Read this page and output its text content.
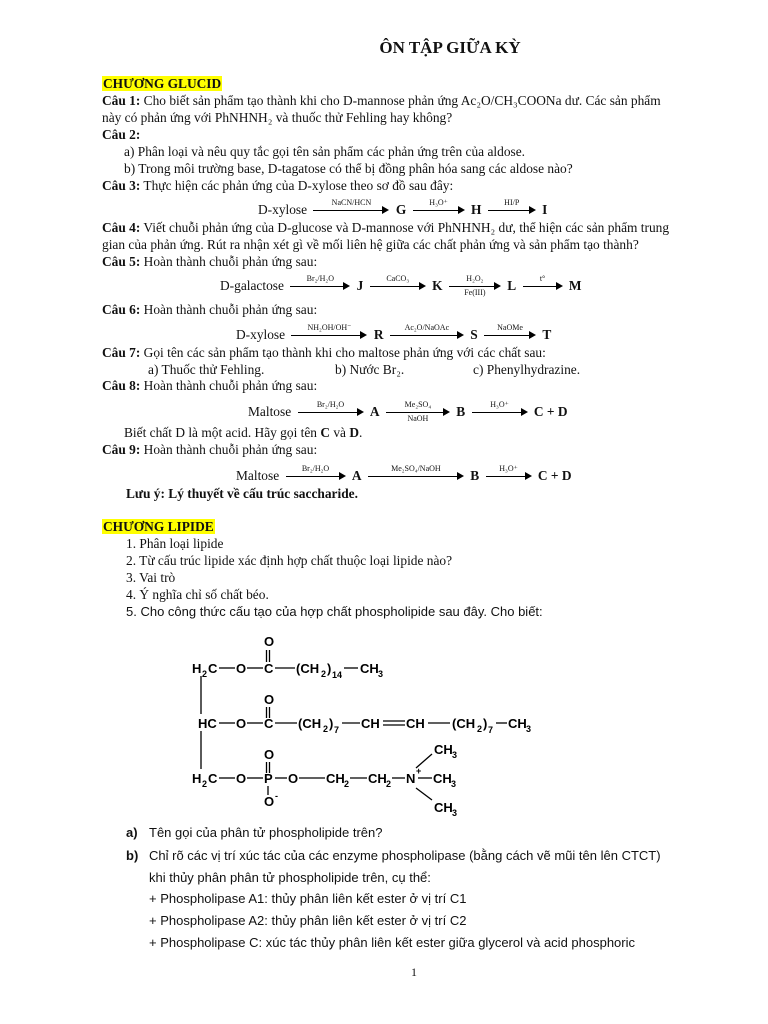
ÔN TẬP GIỮA KỲ
CHƯƠNG GLUCID
Câu 1: Cho biết sản phẩm tạo thành khi cho D-mannose phản ứng Ac₂O/CH₃COONa dư. Các sản phẩm
này có phản ứng với PhNHNH₂ và thuốc thử Fehling hay không?
Câu 2:
a) Phân loại và nêu quy tắc gọi tên sản phẩm các phản ứng trên của aldose.
b) Trong môi trường base, D-tagatose có thể bị đồng phân hóa sang các aldose nào?
Câu 3: Thực hiện các phản ứng của D-xylose theo sơ đồ sau đây:
D-xylose	NaCN/HCN	G	H₃O⁺	H	HI/P	I
Câu 4: Viết chuỗi phản ứng của D-glucose và D-mannose với PhNHNH₂ dư, thể hiện các sản phẩm trung
gian của phản ứng. Rút ra nhận xét gì về mối liên hệ giữa các chất phản ứng và sản phẩm tạo thành?
Câu 5: Hoàn thành chuỗi phản ứng sau:
D-galactose	Br₂/H₂O	J	CaCO₃	K	H₂O₂
Fe(III)	L	t°	M
Câu 6: Hoàn thành chuỗi phản ứng sau:
D-xylose	NH₂OH/OH⁻	R	Ac₂O/NaOAc	S	NaOMe	T
Câu 7: Gọi tên các sản phẩm tạo thành khi cho maltose phản ứng với các chất sau:
a) Thuốc thử Fehling.	b) Nước Br₂.	c) Phenylhydrazine.
Câu 8: Hoàn thành chuỗi phản ứng sau:
Maltose	Br₂/H₂O	A	Me₂SO₄
NaOH	B	H₃O⁺	C + D
Biết chất D là một acid. Hãy gọi tên C và D.
Câu 9: Hoàn thành chuỗi phản ứng sau:
Maltose	Br₂/H₂O	A	Me₂SO₄/NaOH	B	H₃O⁺	C + D
Lưu ý: Lý thuyết về cấu trúc saccharide.
CHƯƠNG LIPIDE
1. Phân loại lipide
2. Từ cấu trúc lipide xác định hợp chất thuộc loại lipide nào?
3. Vai trò
4. Ý nghĩa chỉ số chất béo.
5. Cho công thức cấu tạo của hợp chất phospholipide sau đây. Cho biết:
O
H 2 C O C (CH 2 ) 14 CH 3
O
HC O C (CH 2 ) 7 CH CH (CH 2 ) 7 CH 3
O
H 2 C O P O CH 2 CH 2 N + CH 3
O -
CH 3
CH 3
a) Tên gọi của phân tử phospholipide trên?
b) Chỉ rõ các vị trí xúc tác của các enzyme phospholipase (bằng cách vẽ mũi tên lên CTCT)
khi thủy phân phân tử phospholipide trên, cụ thể:
+ Phospholipase A1: thủy phân liên kết ester ở vị trí C1
+ Phospholipase A2: thủy phân liên kết ester ở vị trí C2
+ Phospholipase C: xúc tác thủy phân liên kết ester giữa glycerol và acid phosphoric
1
